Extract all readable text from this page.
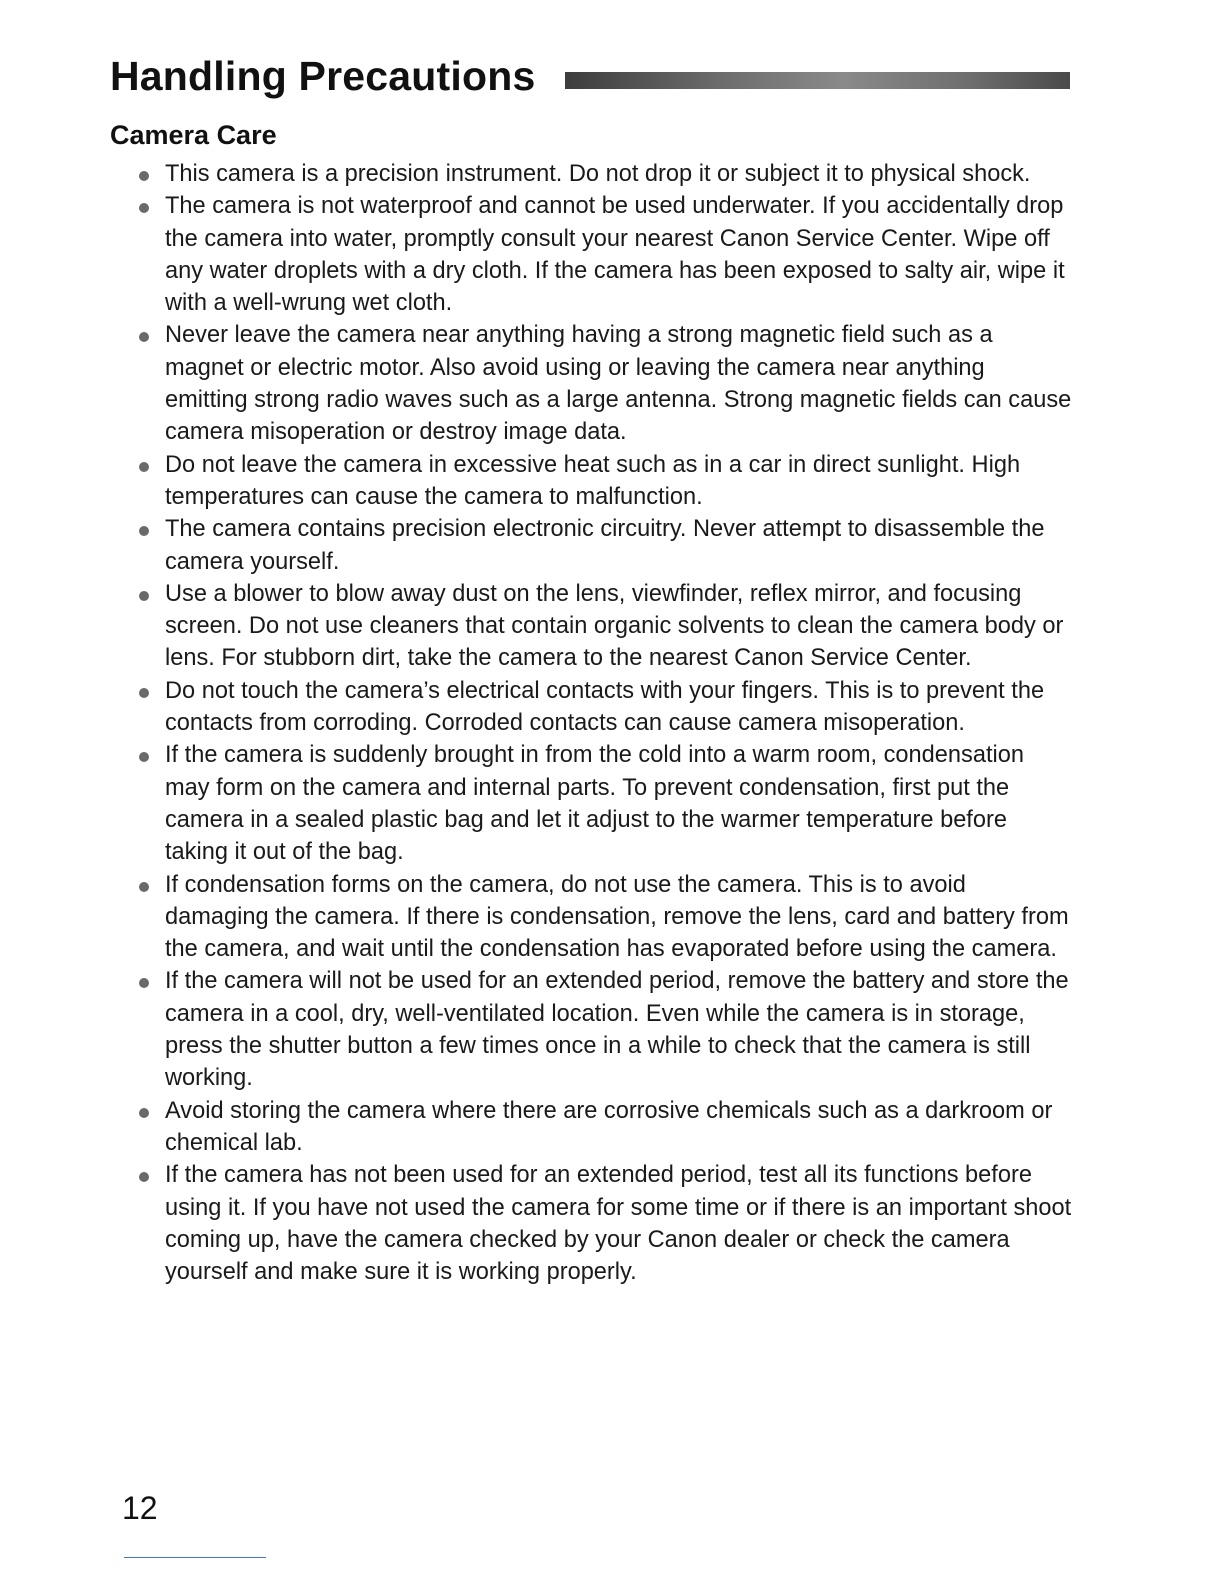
Handling Precautions
Camera Care
This camera is a precision instrument. Do not drop it or subject it to physical shock.
The camera is not waterproof and cannot be used underwater. If you accidentally drop the camera into water, promptly consult your nearest Canon Service Center. Wipe off any water droplets with a dry cloth. If the camera has been exposed to salty air, wipe it with a well-wrung wet cloth.
Never leave the camera near anything having a strong magnetic field such as a magnet or electric motor. Also avoid using or leaving the camera near anything emitting strong radio waves such as a large antenna. Strong magnetic fields can cause camera misoperation or destroy image data.
Do not leave the camera in excessive heat such as in a car in direct sunlight. High temperatures can cause the camera to malfunction.
The camera contains precision electronic circuitry. Never attempt to disassemble the camera yourself.
Use a blower to blow away dust on the lens, viewfinder, reflex mirror, and focusing screen. Do not use cleaners that contain organic solvents to clean the camera body or lens. For stubborn dirt, take the camera to the nearest Canon Service Center.
Do not touch the camera’s electrical contacts with your fingers. This is to prevent the contacts from corroding. Corroded contacts can cause camera misoperation.
If the camera is suddenly brought in from the cold into a warm room, condensation may form on the camera and internal parts. To prevent condensation, first put the camera in a sealed plastic bag and let it adjust to the warmer temperature before taking it out of the bag.
If condensation forms on the camera, do not use the camera. This is to avoid damaging the camera. If there is condensation, remove the lens, card and battery from the camera, and wait until the condensation has evaporated before using the camera.
If the camera will not be used for an extended period, remove the battery and store the camera in a cool, dry, well-ventilated location. Even while the camera is in storage, press the shutter button a few times once in a while to check that the camera is still working.
Avoid storing the camera where there are corrosive chemicals such as a darkroom or chemical lab.
If the camera has not been used for an extended period, test all its functions before using it. If you have not used the camera for some time or if there is an important shoot coming up, have the camera checked by your Canon dealer or check the camera yourself and make sure it is working properly.
12
